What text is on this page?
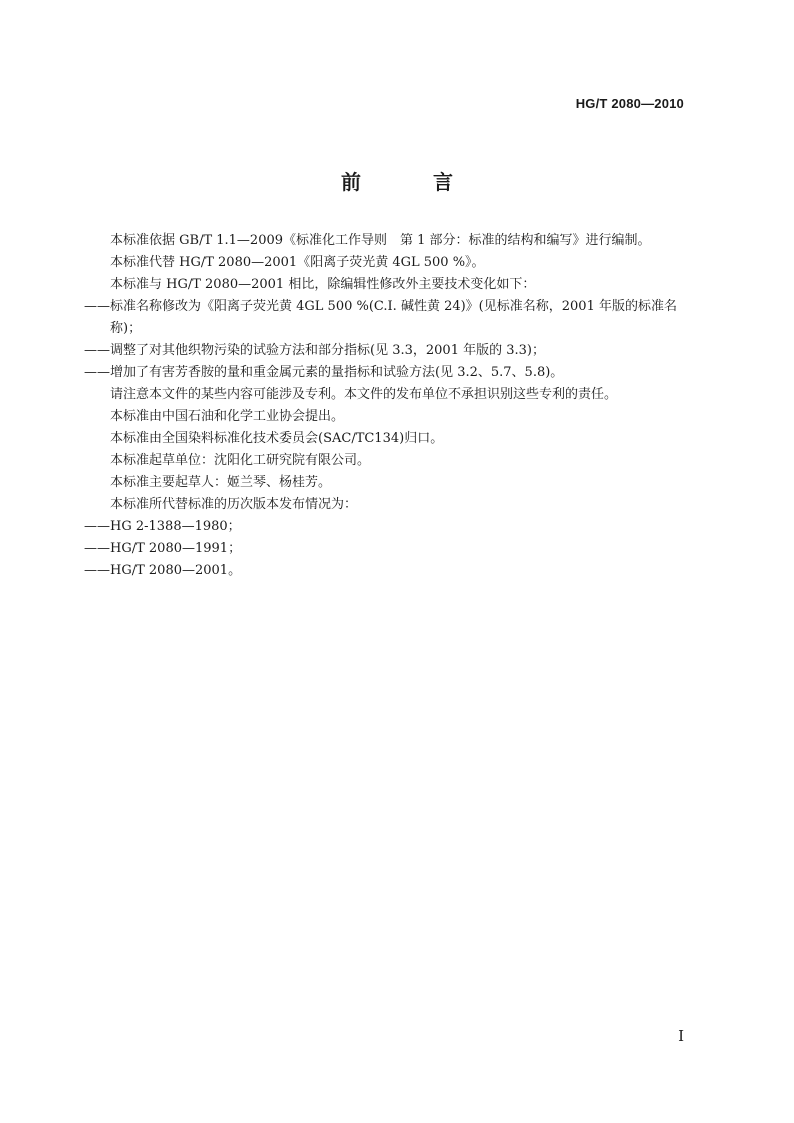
HG/T 2080—2010
前　言

本标准依据 GB/T 1.1—2009《标准化工作导则　第 1 部分：标准的结构和编写》进行编制。

本标准代替 HG/T 2080—2001《阳离子荧光黄 4GL 500 %》。

本标准与 HG/T 2080—2001 相比，除编辑性修改外主要技术变化如下：

——标准名称修改为《阳离子荧光黄 4GL 500 %(C.I. 碱性黄 24)》(见标准名称，2001 年版的标准名称)；

——调整了对其他织物污染的试验方法和部分指标(见 3.3，2001 年版的 3.3)；

——增加了有害芳香胺的量和重金属元素的量指标和试验方法(见 3.2、5.7、5.8)。

请注意本文件的某些内容可能涉及专利。本文件的发布单位不承担识别这些专利的责任。

本标准由中国石油和化学工业协会提出。

本标准由全国染料标准化技术委员会(SAC/TC134)归口。

本标准起草单位：沈阳化工研究院有限公司。

本标准主要起草人：姬兰琴、杨桂芳。

本标准所代替标准的历次版本发布情况为：

——HG 2-1388—1980；

——HG/T 2080—1991；

——HG/T 2080—2001。

I
